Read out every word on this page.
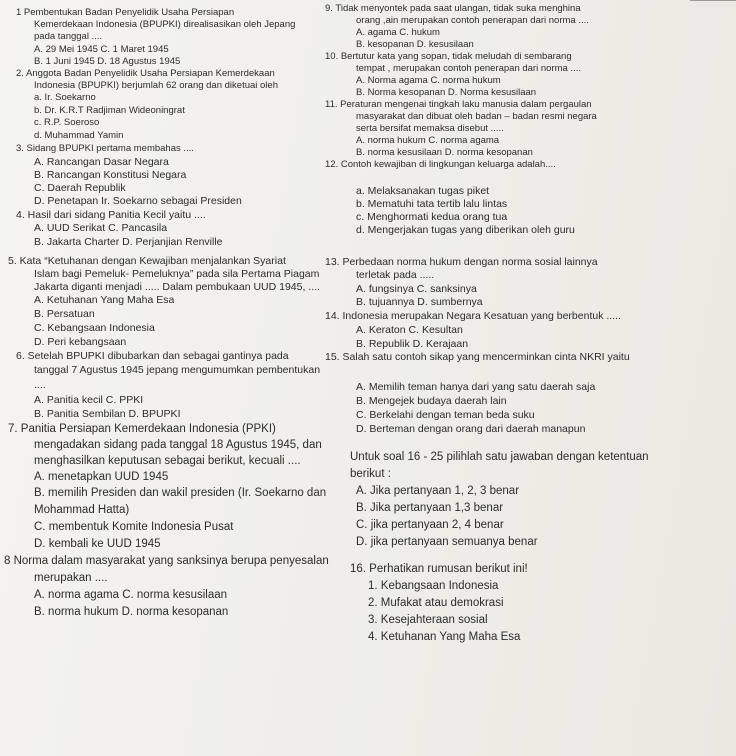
1 Pembentukan Badan Penyelidik Usaha Persiapan
Kemerdekaan Indonesia (BPUPKI) direalisasikan oleh Jepang
pada tanggal ....
A. 29 Mei 1945 C. 1 Maret 1945
B. 1 Juni 1945 D. 18 Agustus 1945
2. Anggota Badan Penyelidik Usaha Persiapan Kemerdekaan
Indonesia (BPUPKI) berjumlah 62 orang dan diketuai oleh
a. Ir. Soekarno
b. Dr. K.R.T Radjiman Wideoningrat
c. R.P. Soeroso
d. Muhammad Yamin
3. Sidang BPUPKI pertama membahas ....
A. Rancangan Dasar Negara
B. Rancangan Konstitusi Negara
C. Daerah Republik
D. Penetapan Ir. Soekarno sebagai Presiden
4. Hasil dari sidang Panitia Kecil yaitu ....
A. UUD Serikat C. Pancasila
B. Jakarta Charter D. Perjanjian Renville
5. Kata “Ketuhanan dengan Kewajiban menjalankan Syariat
Islam bagi Pemeluk- Pemeluknya” pada sila Pertama Piagam
Jakarta diganti menjadi ..... Dalam pembukaan UUD 1945, ....
A. Ketuhanan Yang Maha Esa
B. Persatuan
C. Kebangsaan Indonesia
D. Peri kebangsaan
6. Setelah BPUPKI dibubarkan dan sebagai gantinya pada
tanggal 7 Agustus 1945 jepang mengumumkan pembentukan
....
A. Panitia kecil C. PPKI
B. Panitia Sembilan D. BPUPKI
7. Panitia Persiapan Kemerdekaan Indonesia (PPKI)
mengadakan sidang pada tanggal 18 Agustus 1945, dan
menghasilkan keputusan sebagai berikut, kecuali ....
A. menetapkan UUD 1945
B. memilih Presiden dan wakil presiden (Ir. Soekarno dan
Mohammad Hatta)
C. membentuk Komite Indonesia Pusat
D. kembali ke UUD 1945
8 Norma dalam masyarakat yang sanksinya berupa penyesalan
merupakan ....
A. norma agama C. norma kesusilaan
B. norma hukum D. norma kesopanan
9. Tidak menyontek pada saat ulangan, tidak suka menghina
orang ,ain merupakan contoh penerapan dari norma ....
A. agama C. hukum
B. kesopanan D. kesusilaan
10. Bertutur kata yang sopan, tidak meludah di sembarang
tempat , merupakan contoh penerapan dari norma ....
A. Norma agama C. norma hukum
B. Norma kesopanan D. Norma kesusilaan
11. Peraturan mengenai tingkah laku manusia dalam pergaulan
masyarakat dan dibuat oleh badan – badan resmi negara
serta bersifat memaksa disebut .....
A. norma hukum C. norma agama
B. norma kesusilaan D. norma kesopanan
12. Contoh kewajiban di lingkungan keluarga adalah....
a. Melaksanakan tugas piket
b. Mematuhi tata tertib lalu lintas
c. Menghormati kedua orang tua
d. Mengerjakan tugas yang diberikan oleh guru
13. Perbedaan norma hukum dengan norma sosial lainnya
terletak pada .....
A. fungsinya C. sanksinya
B. tujuannya D. sumbernya
14. Indonesia merupakan Negara Kesatuan yang berbentuk .....
A. Keraton C. Kesultan
B. Republik D. Kerajaan
15. Salah satu contoh sikap yang mencerminkan cinta NKRI yaitu
A. Memilih teman hanya dari yang satu daerah saja
B. Mengejek budaya daerah lain
C. Berkelahi dengan teman beda suku
D. Berteman dengan orang dari daerah manapun
Untuk soal 16 - 25 pilihlah satu jawaban dengan ketentuan
berikut :
A. Jika pertanyaan 1, 2, 3 benar
B. Jika pertanyaan 1,3 benar
C. jika pertanyaan 2, 4 benar
D. jika pertanyaan semuanya benar
16. Perhatikan rumusan berikut ini!
1. Kebangsaan Indonesia
2. Mufakat atau demokrasi
3. Kesejahteraan sosial
4. Ketuhanan Yang Maha Esa
